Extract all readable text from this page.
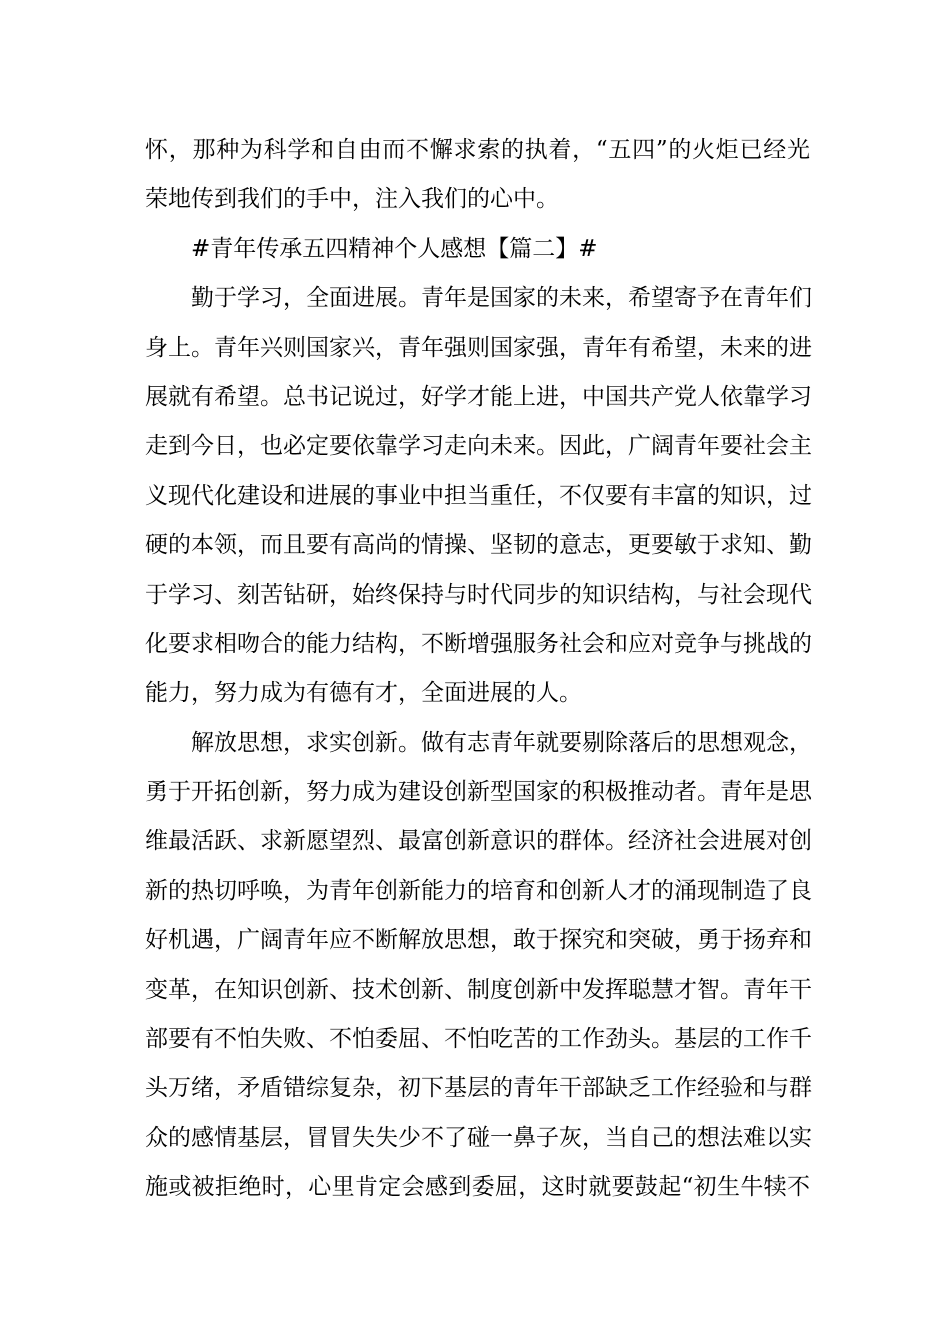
怀，那种为科学和自由而不懈求索的执着，“五四”的火炬已经光
荣地传到我们的手中，注入我们的心中。
#青年传承五四精神个人感想【篇二】#
勤于学习，全面进展。青年是国家的未来，希望寄予在青年们
身上。青年兴则国家兴，青年强则国家强，青年有希望，未来的进
展就有希望。总书记说过，好学才能上进，中国共产党人依靠学习
走到今日，也必定要依靠学习走向未来。因此，广阔青年要社会主
义现代化建设和进展的事业中担当重任，不仅要有丰富的知识，过
硬的本领，而且要有高尚的情操、坚韧的意志，更要敏于求知、勤
于学习、刻苦钻研，始终保持与时代同步的知识结构，与社会现代
化要求相吻合的能力结构，不断增强服务社会和应对竞争与挑战的
能力，努力成为有德有才，全面进展的人。
解放思想，求实创新。做有志青年就要剔除落后的思想观念，
勇于开拓创新，努力成为建设创新型国家的积极推动者。青年是思
维最活跃、求新愿望烈、最富创新意识的群体。经济社会进展对创
新的热切呼唤，为青年创新能力的培育和创新人才的涌现制造了良
好机遇，广阔青年应不断解放思想，敢于探究和突破，勇于扬弃和
变革，在知识创新、技术创新、制度创新中发挥聪慧才智。青年干
部要有不怕失败、不怕委屈、不怕吃苦的工作劲头。基层的工作千
头万绪，矛盾错综复杂，初下基层的青年干部缺乏工作经验和与群
众的感情基层，冒冒失失少不了碰一鼻子灰，当自己的想法难以实
施或被拒绝时，心里肯定会感到委屈，这时就要鼓起“初生牛犊不
